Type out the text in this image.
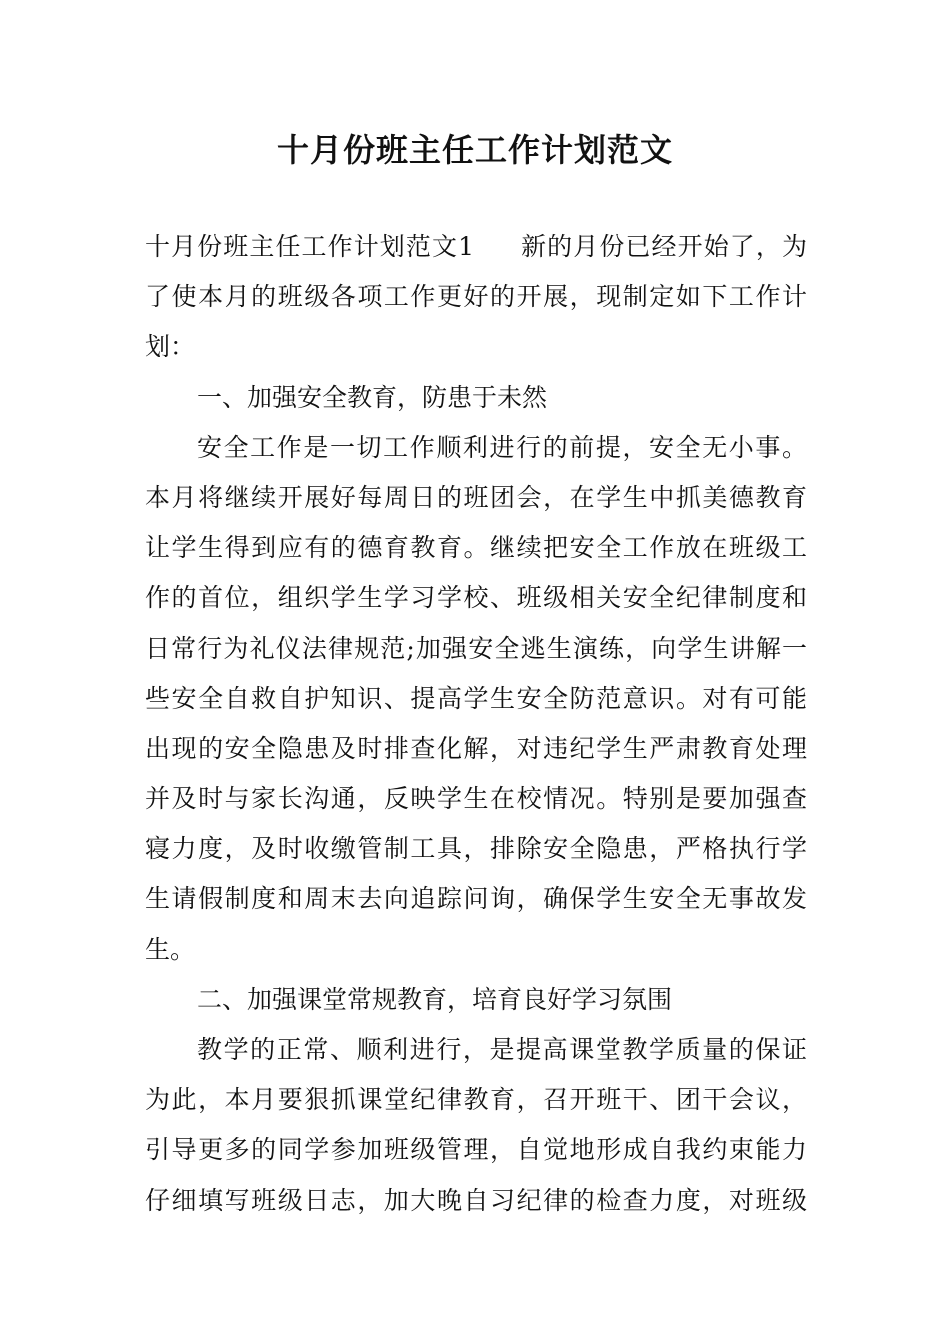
十月份班主任工作计划范文
十月份班主任工作计划范文1 新的月份已经开始了，为
了使本月的班级各项工作更好的开展，现制定如下工作计
划：
一、加强安全教育，防患于未然
安全工作是一切工作顺利进行的前提，安全无小事。
本月将继续开展好每周日的班团会，在学生中抓美德教育
让学生得到应有的德育教育。继续把安全工作放在班级工
作的首位，组织学生学习学校、班级相关安全纪律制度和
日常行为礼仪法律规范;加强安全逃生演练，向学生讲解一
些安全自救自护知识、提高学生安全防范意识。对有可能
出现的安全隐患及时排查化解，对违纪学生严肃教育处理
并及时与家长沟通，反映学生在校情况。特别是要加强查
寝力度，及时收缴管制工具，排除安全隐患，严格执行学
生请假制度和周末去向追踪问询，确保学生安全无事故发
生。
二、加强课堂常规教育，培育良好学习氛围
教学的正常、顺利进行，是提高课堂教学质量的保证
为此，本月要狠抓课堂纪律教育，召开班干、团干会议，
引导更多的同学参加班级管理，自觉地形成自我约束能力
仔细填写班级日志，加大晚自习纪律的检查力度，对班级
